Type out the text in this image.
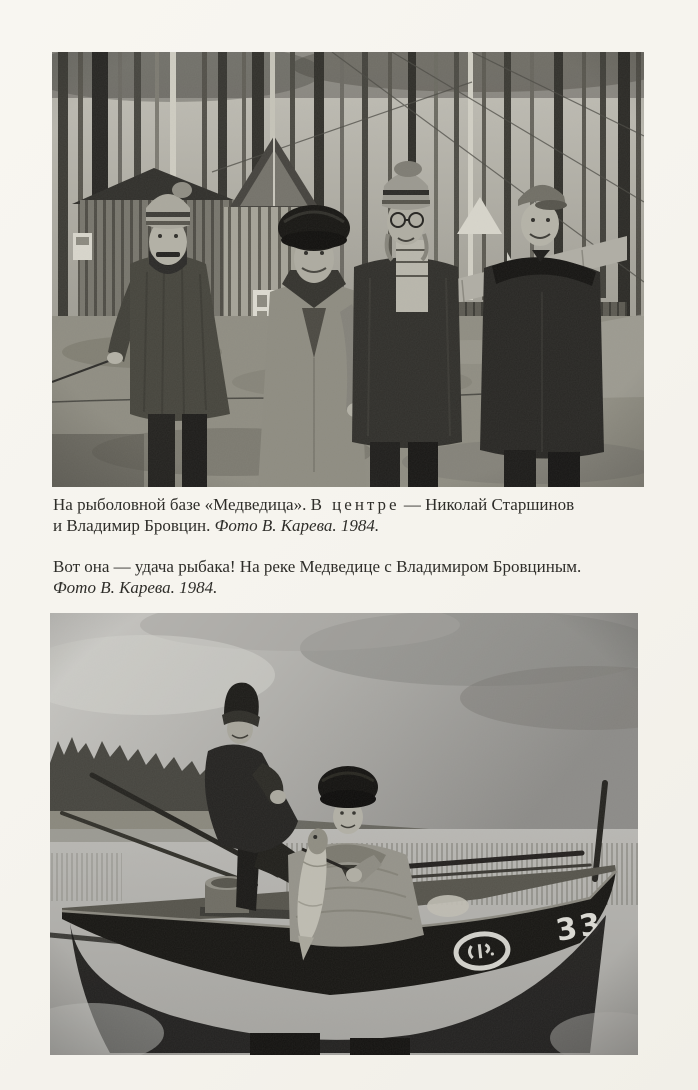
На рыболовной базе «Медведица». В центре — Николай Старшинов
и Владимир Бровцин. Фото В. Карева. 1984.
Вот она — удача рыбака! На реке Медведице с Владимиром Бровциным.
Фото В. Карева. 1984.
